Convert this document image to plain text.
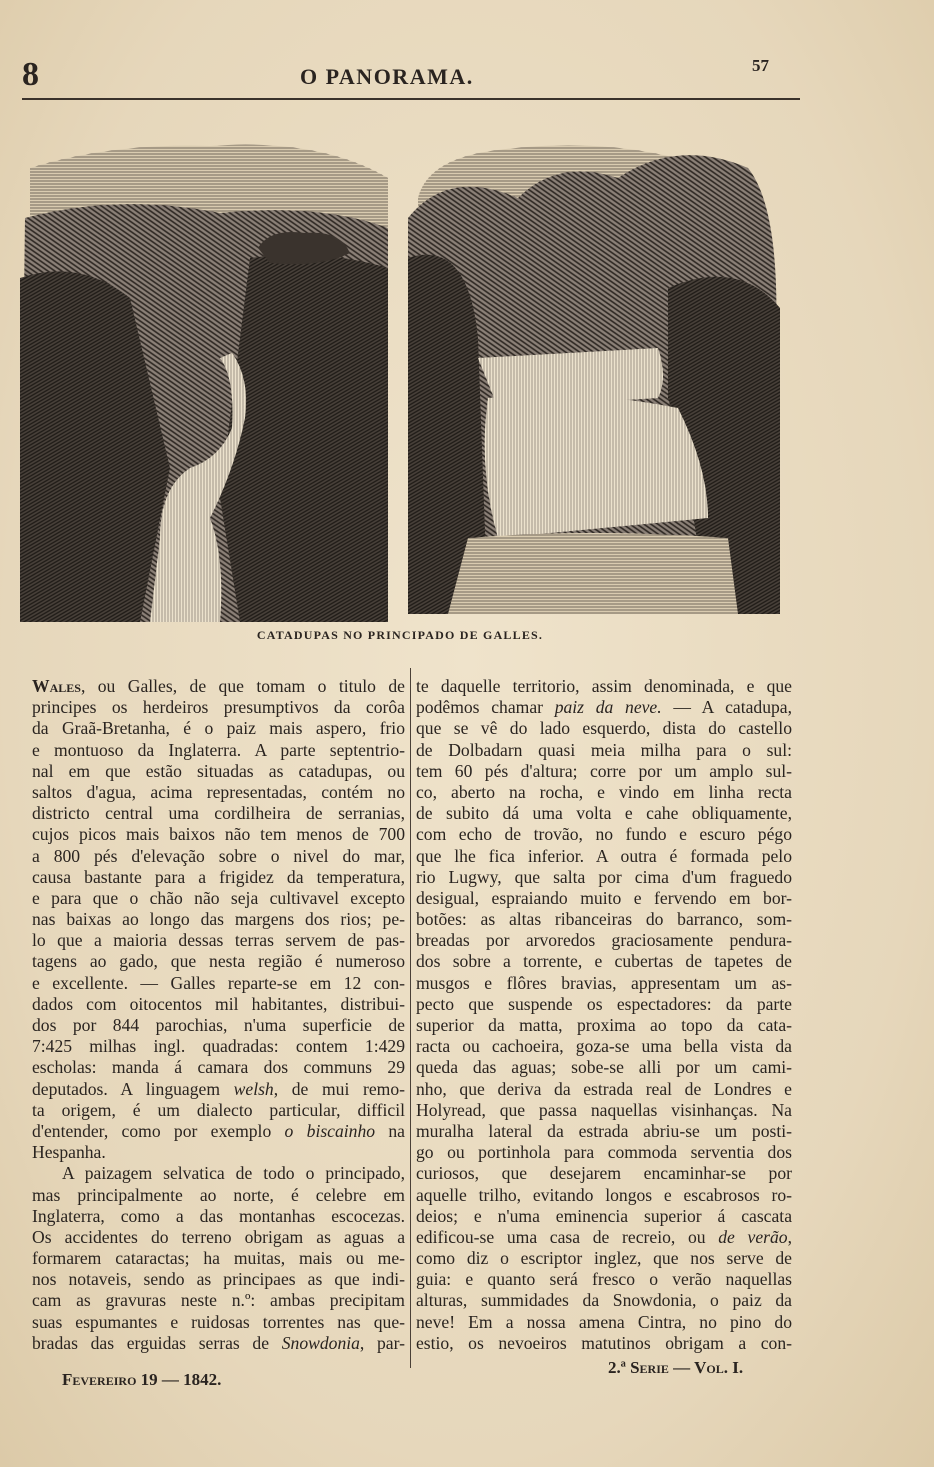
8	O PANORAMA.	57
CATADUPAS NO PRINCIPADO DE GALLES.
Wales, ou Galles, de que tomam o titulo de
principes os herdeiros presumptivos da corôa
da Graã-Bretanha, é o paiz mais aspero, frio
e montuoso da Inglaterra. A parte septentrio-
nal em que estão situadas as catadupas, ou
saltos d'agua, acima representadas, contém no
districto central uma cordilheira de serranias,
cujos picos mais baixos não tem menos de 700
a 800 pés d'elevação sobre o nivel do mar,
causa bastante para a frigidez da temperatura,
e para que o chão não seja cultivavel excepto
nas baixas ao longo das margens dos rios; pe-
lo que a maioria dessas terras servem de pas-
tagens ao gado, que nesta região é numeroso
e excellente. — Galles reparte-se em 12 con-
dados com oitocentos mil habitantes, distribui-
dos por 844 parochias, n'uma superficie de
7:425 milhas ingl. quadradas: contem 1:429
escholas: manda á camara dos communs 29
deputados. A linguagem welsh, de mui remo-
ta origem, é um dialecto particular, difficil
d'entender, como por exemplo o biscainho na
Hespanha.
A paizagem selvatica de todo o principado,
mas principalmente ao norte, é celebre em
Inglaterra, como a das montanhas escocezas.
Os accidentes do terreno obrigam as aguas a
formarem cataractas; ha muitas, mais ou me-
nos notaveis, sendo as principaes as que indi-
cam as gravuras neste n.º: ambas precipitam
suas espumantes e ruidosas torrentes nas que-
bradas das erguidas serras de Snowdonia, par-
te daquelle territorio, assim denominada, e que
podêmos chamar paiz da neve. — A catadupa,
que se vê do lado esquerdo, dista do castello
de Dolbadarn quasi meia milha para o sul:
tem 60 pés d'altura; corre por um amplo sul-
co, aberto na rocha, e vindo em linha recta
de subito dá uma volta e cahe obliquamente,
com echo de trovão, no fundo e escuro pégo
que lhe fica inferior. A outra é formada pelo
rio Lugwy, que salta por cima d'um fraguedo
desigual, espraiando muito e fervendo em bor-
botões: as altas ribanceiras do barranco, som-
breadas por arvoredos graciosamente pendura-
dos sobre a torrente, e cubertas de tapetes de
musgos e flôres bravias, appresentam um as-
pecto que suspende os espectadores: da parte
superior da matta, proxima ao topo da cata-
racta ou cachoeira, goza-se uma bella vista da
queda das aguas; sobe-se alli por um cami-
nho, que deriva da estrada real de Londres e
Holyread, que passa naquellas visinhanças. Na
muralha lateral da estrada abriu-se um posti-
go ou portinhola para commoda serventia dos
curiosos, que desejarem encaminhar-se por
aquelle trilho, evitando longos e escabrosos ro-
deios; e n'uma eminencia superior á cascata
edificou-se uma casa de recreio, ou de verão,
como diz o escriptor inglez, que nos serve de
guia: e quanto será fresco o verão naquellas
alturas, summidades da Snowdonia, o paiz da
neve! Em a nossa amena Cintra, no pino do
estio, os nevoeiros matutinos obrigam a con-
Fevereiro 19 — 1842.
2.ª Serie — Vol. I.
